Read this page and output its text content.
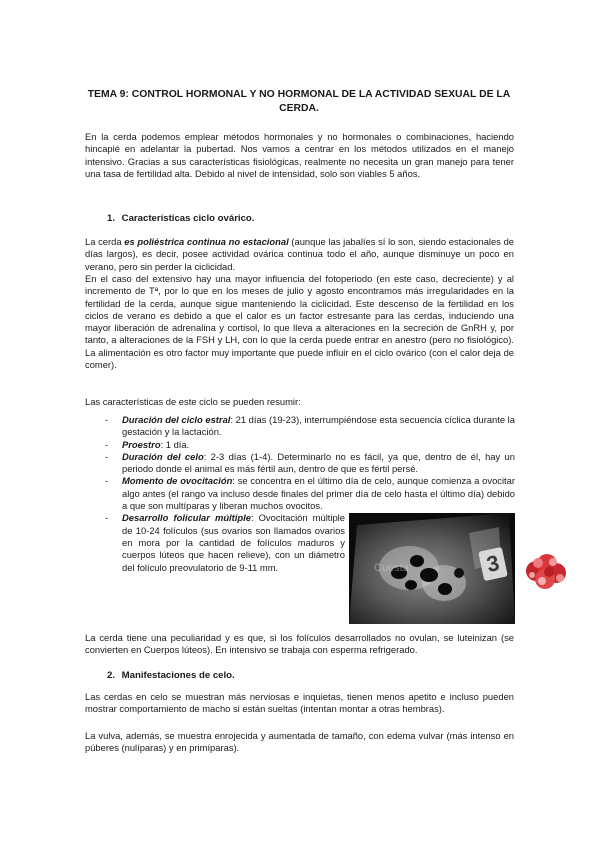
TEMA 9: CONTROL HORMONAL Y NO HORMONAL DE LA ACTIVIDAD SEXUAL DE LA CERDA.

En la cerda podemos emplear métodos hormonales y no hormonales o combinaciones, haciendo hincapié en adelantar la pubertad. Nos vamos a centrar en los métodos utilizados en el manejo intensivo. Gracias a sus características fisiológicas, realmente no necesita un gran manejo para tener una tasa de fertilidad alta. Debido al nivel de intensidad, solo son viables 5 años.

1. Características ciclo ovárico.

La cerda es poliéstrica continua no estacional (aunque las jabalíes sí lo son, siendo estacionales de días largos), es decir, posee actividad ovárica continua todo el año, aunque disminuye un poco en verano, pero sin perder la ciclicidad.

En el caso del extensivo hay una mayor influencia del fotoperiodo (en este caso, decreciente) y al incremento de Tª, por lo que en los meses de julio y agosto encontramos más irregularidades en la fertilidad de la cerda, aunque sigue manteniendo la ciclicidad. Este descenso de la fertilidad en los ciclos de verano es debido a que el calor es un factor estresante para las cerdas, induciendo una mayor liberación de adrenalina y cortisol, lo que lleva a alteraciones en la secreción de GnRH y, por tanto, a alteraciones de la FSH y LH, con lo que la cerda puede entrar en anestro (pero no fisiológico). La alimentación es otro factor muy importante que puede influir en el ciclo ovárico (con el calor deja de comer).

Las características de este ciclo se pueden resumir:

- Duración del ciclo estral: 21 días (19-23), interrumpiéndose esta secuencia cíclica durante la gestación y la lactación.
- Proestro: 1 día.
- Duración del celo: 2-3 días (1-4). Determinarlo no es fácil, ya que, dentro de él, hay un periodo donde el animal es más fértil aun, dentro de que es fértil persé.
- Momento de ovocitación: se concentra en el último día de celo, aunque comienza a ovocitar algo antes (el rango va incluso desde finales del primer día de celo hasta el último día) debido a que son multíparas y liberan muchos ovocitos.
- Desarrollo folicular múltiple: Ovocitación múltiple de 10-24 folículos (sus ovarios son llamados ovarios en mora por la cantidad de folículos maduros y cuerpos lúteos que hacen relieve), con un diámetro del folículo preovulatorio de 9-11 mm.	Cuesta	3

La cerda tiene una peculiaridad y es que, si los folículos desarrollados no ovulan, se luteinizan (se convierten en Cuerpos lúteos). En intensivo se trabaja con esperma refrigerado.

2. Manifestaciones de celo.

Las cerdas en celo se muestran más nerviosas e inquietas, tienen menos apetito e incluso pueden mostrar comportamiento de macho si están sueltas (intentan montar a otras hembras).

La vulva, además, se muestra enrojecida y aumentada de tamaño, con edema vulvar (más intenso en púberes (nulíparas) y en primíparas).
